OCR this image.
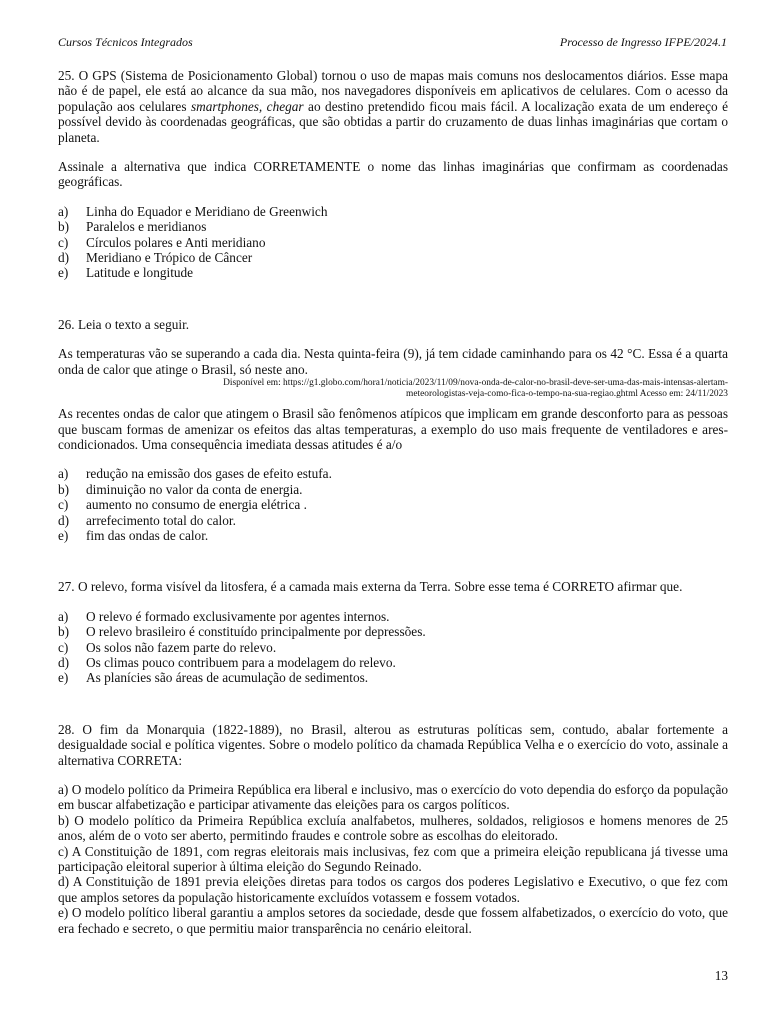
Cursos Técnicos Integrados	Processo de Ingresso IFPE/2024.1

25. O GPS (Sistema de Posicionamento Global) tornou o uso de mapas mais comuns nos deslocamentos diários. Esse mapa não é de papel, ele está ao alcance da sua mão, nos navegadores disponíveis em aplicativos de celulares. Com o acesso da população aos celulares smartphones, chegar ao destino pretendido ficou mais fácil. A localização exata de um endereço é possível devido às coordenadas geográficas, que são obtidas a partir do cruzamento de duas linhas imaginárias que cortam o planeta.

Assinale a alternativa que indica CORRETAMENTE o nome das linhas imaginárias que confirmam as coordenadas geográficas.

a)	Linha do Equador e Meridiano de Greenwich
b)	Paralelos e meridianos
c)	Círculos polares e Anti meridiano
d)	Meridiano e Trópico de Câncer
e)	Latitude e longitude

26. Leia o texto a seguir.

As temperaturas vão se superando a cada dia. Nesta quinta-feira (9), já tem cidade caminhando para os 42 °C. Essa é a quarta onda de calor que atinge o Brasil, só neste ano.

Disponível em: https://g1.globo.com/hora1/noticia/2023/11/09/nova-onda-de-calor-no-brasil-deve-ser-uma-das-mais-intensas-alertam-
meteorologistas-veja-como-fica-o-tempo-na-sua-regiao.ghtml Acesso em: 24/11/2023

As recentes ondas de calor que atingem o Brasil são fenômenos atípicos que implicam em grande desconforto para as pessoas que buscam formas de amenizar os efeitos das altas temperaturas, a exemplo do uso mais frequente de ventiladores e ares-condicionados. Uma consequência imediata dessas atitudes é a/o

a)	redução na emissão dos gases de efeito estufa.
b)	diminuição no valor da conta de energia.
c)	aumento no consumo de energia elétrica .
d)	arrefecimento total do calor.
e)	fim das ondas de calor.

27. O relevo, forma visível da litosfera, é a camada mais externa da Terra. Sobre esse tema é CORRETO afirmar que.

a)	O relevo é formado exclusivamente por agentes internos.
b)	O relevo brasileiro é constituído principalmente por depressões.
c)	Os solos não fazem parte do relevo.
d)	Os climas pouco contribuem para a modelagem do relevo.
e)	As planícies são áreas de acumulação de sedimentos.

28. O fim da Monarquia (1822-1889), no Brasil, alterou as estruturas políticas sem, contudo, abalar fortemente a desigualdade social e política vigentes. Sobre o modelo político da chamada República Velha e o exercício do voto, assinale a alternativa CORRETA:

a) O modelo político da Primeira República era liberal e inclusivo, mas o exercício do voto dependia do esforço da população em buscar alfabetização e participar ativamente das eleições para os cargos políticos.

b) O modelo político da Primeira República excluía analfabetos, mulheres, soldados, religiosos e homens menores de 25 anos, além de o voto ser aberto, permitindo fraudes e controle sobre as escolhas do eleitorado.

c) A Constituição de 1891, com regras eleitorais mais inclusivas, fez com que a primeira eleição republicana já tivesse uma participação eleitoral superior à última eleição do Segundo Reinado.

d) A Constituição de 1891 previa eleições diretas para todos os cargos dos poderes Legislativo e Executivo, o que fez com que amplos setores da população historicamente excluídos votassem e fossem votados.

e) O modelo político liberal garantiu a amplos setores da sociedade, desde que fossem alfabetizados, o exercício do voto, que era fechado e secreto, o que permitiu maior transparência no cenário eleitoral.

13
